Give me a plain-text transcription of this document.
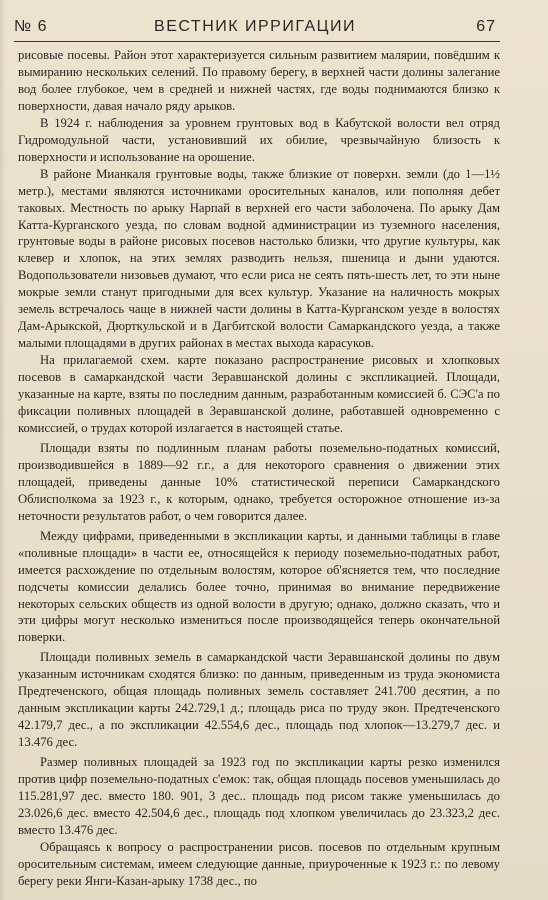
№ 6	ВЕСТНИК ИРРИГАЦИИ	67

рисовые посевы. Район этот характеризуется сильным развитием малярии, повёдшим к вымиранию нескольких селений. По правому берегу, в верхней части долины залегание вод более глубокое, чем в средней и нижней частях, где воды поднимаются близко к поверхности, давая начало ряду арыков.

В 1924 г. наблюдения за уровнем грунтовых вод в Кабутской волости вел отряд Гидромодульной части, установивший их обилие, чрезвычайную близость к поверхности и использование на орошение.

В районе Мианкаля грунтовые воды, также близкие от поверхн. земли (до 1—1½ метр.), местами являются источниками оросительных каналов, или пополняя дебет таковых. Местность по арыку Нарпай в верхней его части заболочена. По арыку Дам Катта-Курганского уезда, по словам водной администрации из туземного населения, грунтовые воды в районе рисовых посевов настолько близки, что другие культуры, как клевер и хлопок, на этих землях разводить нельзя, пшеница и дыни удаются. Водопользователи низовьев думают, что если риса не сеять пять-шесть лет, то эти ныне мокрые земли станут пригодными для всех культур. Указание на наличность мокрых земель встречалось чаще в нижней части долины в Катта-Курганском уезде в волостях Дам-Арыкской, Дюрткульской и в Дагбитской волости Самаркандского уезда, а также малыми площадями в других районах в местах выхода карасуков.

На прилагаемой схем. карте показано распространение рисовых и хлопковых посевов в самаркандской части Зеравшанской долины с экспликацией. Площади, указанные на карте, взяты по последним данным, разработанным комиссией б. СЭС'а по фиксации поливных площадей в Зеравшанской долине, работавшей одновременно с комиссией, о трудах которой излагается в настоящей статье.

Площади взяты по подлинным планам работы поземельно-податных комиссий, производившейся в 1889—92 г.г., а для некоторого сравнения о движении этих площадей, приведены данные 10% статистической переписи Самаркандского Облисполкома за 1923 г., к которым, однако, требуется осторожное отношение из-за неточности результатов работ, о чем говорится далее.

Между цифрами, приведенными в экспликации карты, и данными таблицы в главе «поливные площади» в части ее, относящейся к периоду поземельно-податных работ, имеется расхождение по отдельным волостям, которое об'ясняется тем, что последние подсчеты комиссии делались более точно, принимая во внимание передвижение некоторых сельских обществ из одной волости в другую; однако, должно сказать, что и эти цифры могут несколько измениться после производящейся теперь окончательной поверки.

Площади поливных земель в самаркандской части Зеравшанской долины по двум указанным источникам сходятся близко: по данным, приведенным из труда экономиста Предтеченского, общая площадь поливных земель составляет 241.700 десятин, а по данным экспликации карты 242.729,1 д.; площадь риса по труду экон. Предтеченского 42.179,7 дес., а по экспликации 42.554,6 дес., площадь под хлопок—13.279,7 дес. и 13.476 дес.

Размер поливных площадей за 1923 год по экспликации карты резко изменился против цифр поземельно-податных с'емок: так, общая площадь посевов уменьшилась до 115.281,97 дес. вместо 180. 901, 3 дес.. площадь под рисом также уменьшилась до 23.026,6 дес. вместо 42.504,6 дес., площадь под хлопком увеличилась до 23.323,2 дес. вместо 13.476 дес.

Обращаясь к вопросу о распространении рисов. посевов по отдельным крупным оросительным системам, имеем следующие данные, приуроченные к 1923 г.: по левому берегу реки Янги-Казан-арыку 1738 дес., по
